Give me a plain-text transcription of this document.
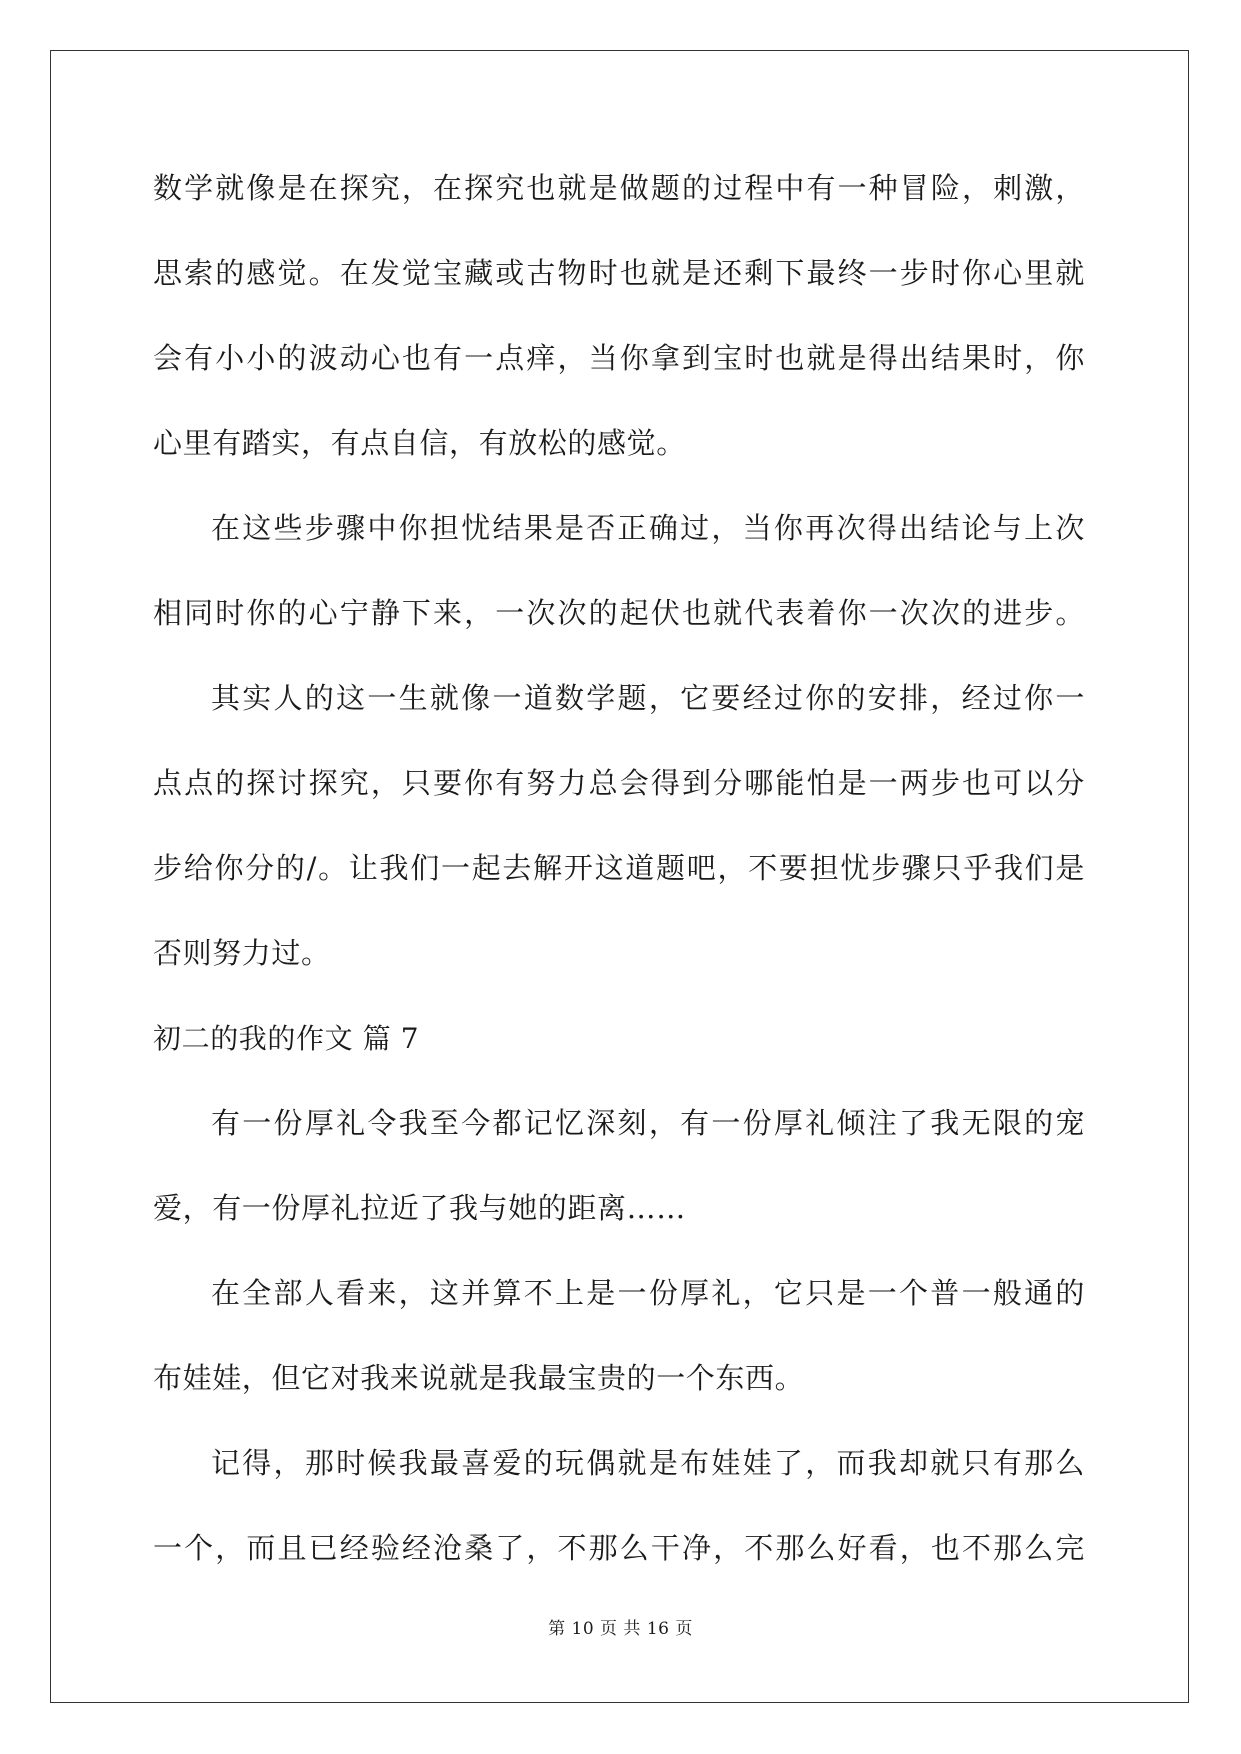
数学就像是在探究，在探究也就是做题的过程中有一种冒险，刺激，
思索的感觉。在发觉宝藏或古物时也就是还剩下最终一步时你心里就
会有小小的波动心也有一点痒，当你拿到宝时也就是得出结果时，你
心里有踏实，有点自信，有放松的感觉。
在这些步骤中你担忧结果是否正确过，当你再次得出结论与上次
相同时你的心宁静下来，一次次的起伏也就代表着你一次次的进步。
其实人的这一生就像一道数学题，它要经过你的安排，经过你一
点点的探讨探究，只要你有努力总会得到分哪能怕是一两步也可以分
步给你分的/。让我们一起去解开这道题吧，不要担忧步骤只乎我们是
否则努力过。
初二的我的作文 篇 7
有一份厚礼令我至今都记忆深刻，有一份厚礼倾注了我无限的宠
爱，有一份厚礼拉近了我与她的距离……
在全部人看来，这并算不上是一份厚礼，它只是一个普一般通的
布娃娃，但它对我来说就是我最宝贵的一个东西。
记得，那时候我最喜爱的玩偶就是布娃娃了，而我却就只有那么
一个，而且已经验经沧桑了，不那么干净，不那么好看，也不那么完
第 10 页 共 16 页
